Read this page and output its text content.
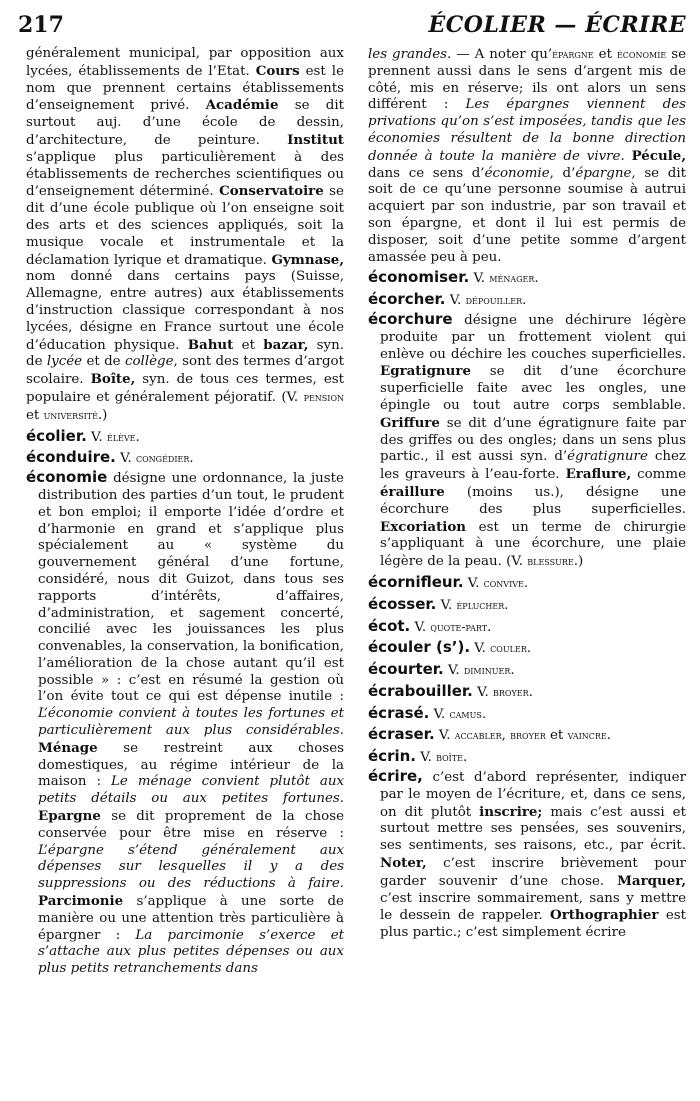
217	ÉCOLIER — ÉCRIRE

généralement municipal, par opposition aux lycées, établissements de l’Etat. Cours est le nom que prennent certains établissements d’enseignement privé. Académie se dit surtout auj. d’une école de dessin, d’architecture, de peinture. Institut s’applique plus particulièrement à des établissements de recherches scientifiques ou d’enseignement déterminé. Conservatoire se dit d’une école publique où l’on enseigne soit des arts et des sciences appliqués, soit la musique vocale et instrumentale et la déclamation lyrique et dramatique. Gymnase, nom donné dans certains pays (Suisse, Allemagne, entre autres) aux établissements d’instruction classique correspondant à nos lycées, désigne en France surtout une école d’éducation physique. Bahut et bazar, syn. de lycée et de collège, sont des termes d’argot scolaire. Boîte, syn. de tous ces termes, est populaire et généralement péjoratif. (V. pension et université.)

écolier. V. élève.

éconduire. V. congédier.

économie désigne une ordonnance, la juste distribution des parties d’un tout, le prudent et bon emploi; il emporte l’idée d’ordre et d’harmonie en grand et s’applique plus spécialement au « système du gouvernement général d’une fortune, considéré, nous dit Guizot, dans tous ses rapports d’intérêts, d’affaires, d’administration, et sagement concerté, concilié avec les jouissances les plus convenables, la conservation, la bonification, l’amélioration de la chose autant qu’il est possible » : c’est en résumé la gestion où l’on évite tout ce qui est dépense inutile : L’économie convient à toutes les fortunes et particulièrement aux plus considérables. Ménage se restreint aux choses domestiques, au régime intérieur de la maison : Le ménage convient plutôt aux petits détails ou aux petites fortunes. Epargne se dit proprement de la chose conservée pour être mise en réserve : L’épargne s’étend généralement aux dépenses sur lesquelles il y a des suppressions ou des réductions à faire. Parcimonie s’applique à une sorte de manière ou une attention très particulière à épargner : La parcimonie s’exerce et s’attache aux plus petites dépenses ou aux plus petits retranchements dans

les grandes. — A noter qu’épargne et économie se prennent aussi dans le sens d’argent mis de côté, mis en réserve; ils ont alors un sens différent : Les épargnes viennent des privations qu’on s’est imposées, tandis que les économies résultent de la bonne direction donnée à toute la manière de vivre. Pécule, dans ce sens d’économie, d’épargne, se dit soit de ce qu’une personne soumise à autrui acquiert par son industrie, par son travail et son épargne, et dont il lui est permis de disposer, soit d’une petite somme d’argent amassée peu à peu.

économiser. V. ménager.

écorcher. V. dépouiller.

écorchure désigne une déchirure légère produite par un frottement violent qui enlève ou déchire les couches superficielles. Egratignure se dit d’une écorchure superficielle faite avec les ongles, une épingle ou tout autre corps semblable. Griffure se dit d’une égratignure faite par des griffes ou des ongles; dans un sens plus partic., il est aussi syn. d’égratignure chez les graveurs à l’eau-forte. Eraflure, comme éraillure (moins us.), désigne une écorchure des plus superficielles. Excoriation est un terme de chirurgie s’appliquant à une écorchure, une plaie légère de la peau. (V. blessure.)

écornifleur. V. convive.

écosser. V. éplucher.

écot. V. quote-part.

écouler (s’). V. couler.

écourter. V. diminuer.

écrabouiller. V. broyer.

écrasé. V. camus.

écraser. V. accabler, broyer et vaincre.

écrin. V. boîte.

écrire, c’est d’abord représenter, indiquer par le moyen de l’écriture, et, dans ce sens, on dit plutôt inscrire; mais c’est aussi et surtout mettre ses pensées, ses souvenirs, ses sentiments, ses raisons, etc., par écrit. Noter, c’est inscrire brièvement pour garder souvenir d’une chose. Marquer, c’est inscrire sommairement, sans y mettre le dessein de rappeler. Orthographier est plus partic.; c’est simplement écrire
